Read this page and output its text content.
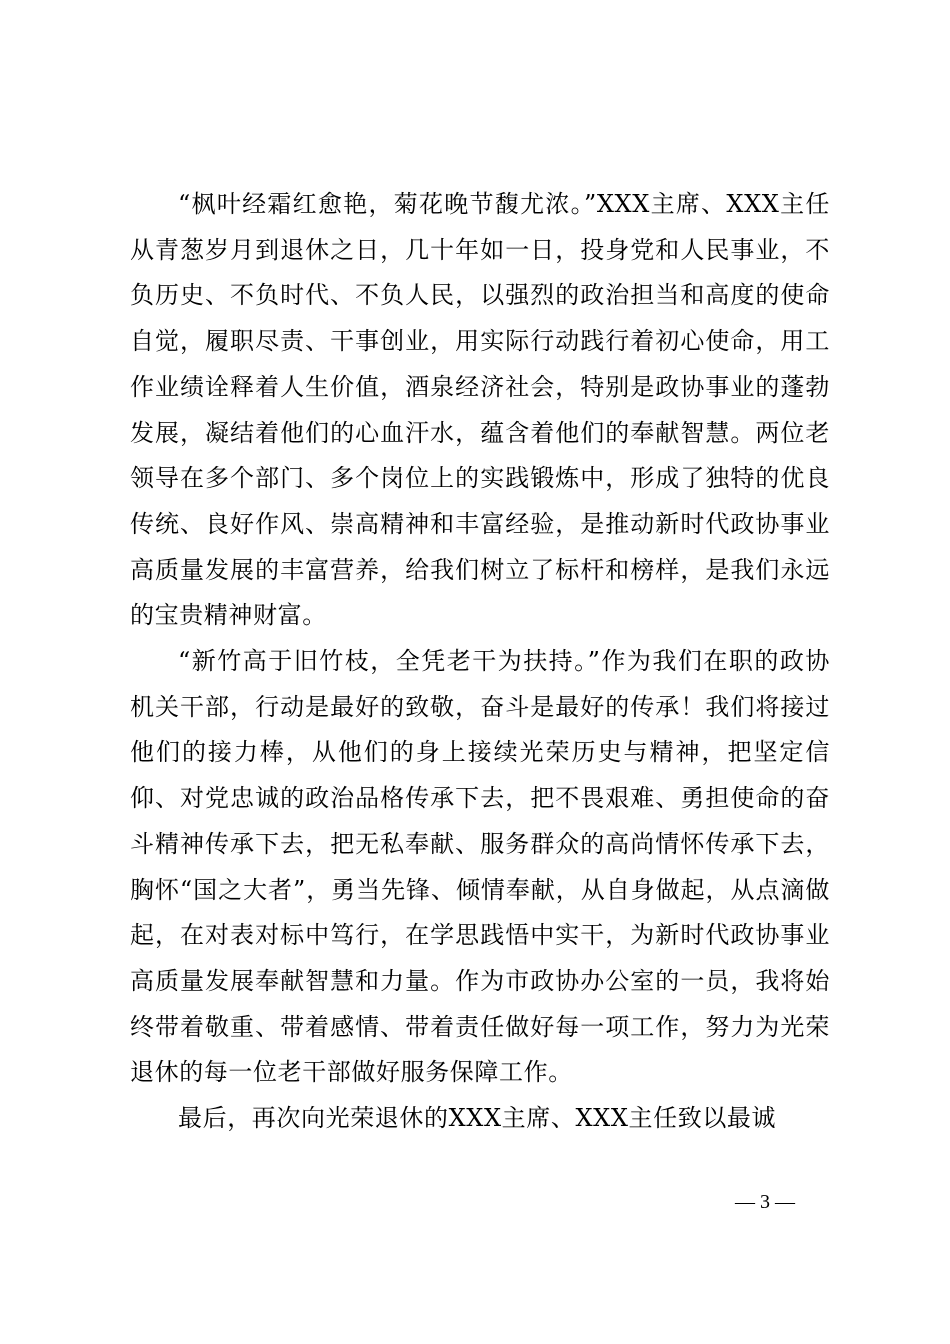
“枫叶经霜红愈艳，菊花晚节馥尤浓。”XXX主席、XXX主任从青葱岁月到退休之日，几十年如一日，投身党和人民事业，不负历史、不负时代、不负人民，以强烈的政治担当和高度的使命自觉，履职尽责、干事创业，用实际行动践行着初心使命，用工作业绩诠释着人生价值，酒泉经济社会，特别是政协事业的蓬勃发展，凝结着他们的心血汗水，蕴含着他们的奉献智慧。两位老领导在多个部门、多个岗位上的实践锻炼中，形成了独特的优良传统、良好作风、崇高精神和丰富经验，是推动新时代政协事业高质量发展的丰富营养，给我们树立了标杆和榜样，是我们永远的宝贵精神财富。

“新竹高于旧竹枝，全凭老干为扶持。”作为我们在职的政协机关干部，行动是最好的致敬，奋斗是最好的传承！我们将接过他们的接力棒，从他们的身上接续光荣历史与精神，把坚定信仰、对党忠诚的政治品格传承下去，把不畏艰难、勇担使命的奋斗精神传承下去，把无私奉献、服务群众的高尚情怀传承下去，胸怀“国之大者”，勇当先锋、倾情奉献，从自身做起，从点滴做起，在对表对标中笃行，在学思践悟中实干，为新时代政协事业高质量发展奉献智慧和力量。作为市政协办公室的一员，我将始终带着敬重、带着感情、带着责任做好每一项工作，努力为光荣退休的每一位老干部做好服务保障工作。

最后，再次向光荣退休的XXX主席、XXX主任致以最诚

— 3 —
